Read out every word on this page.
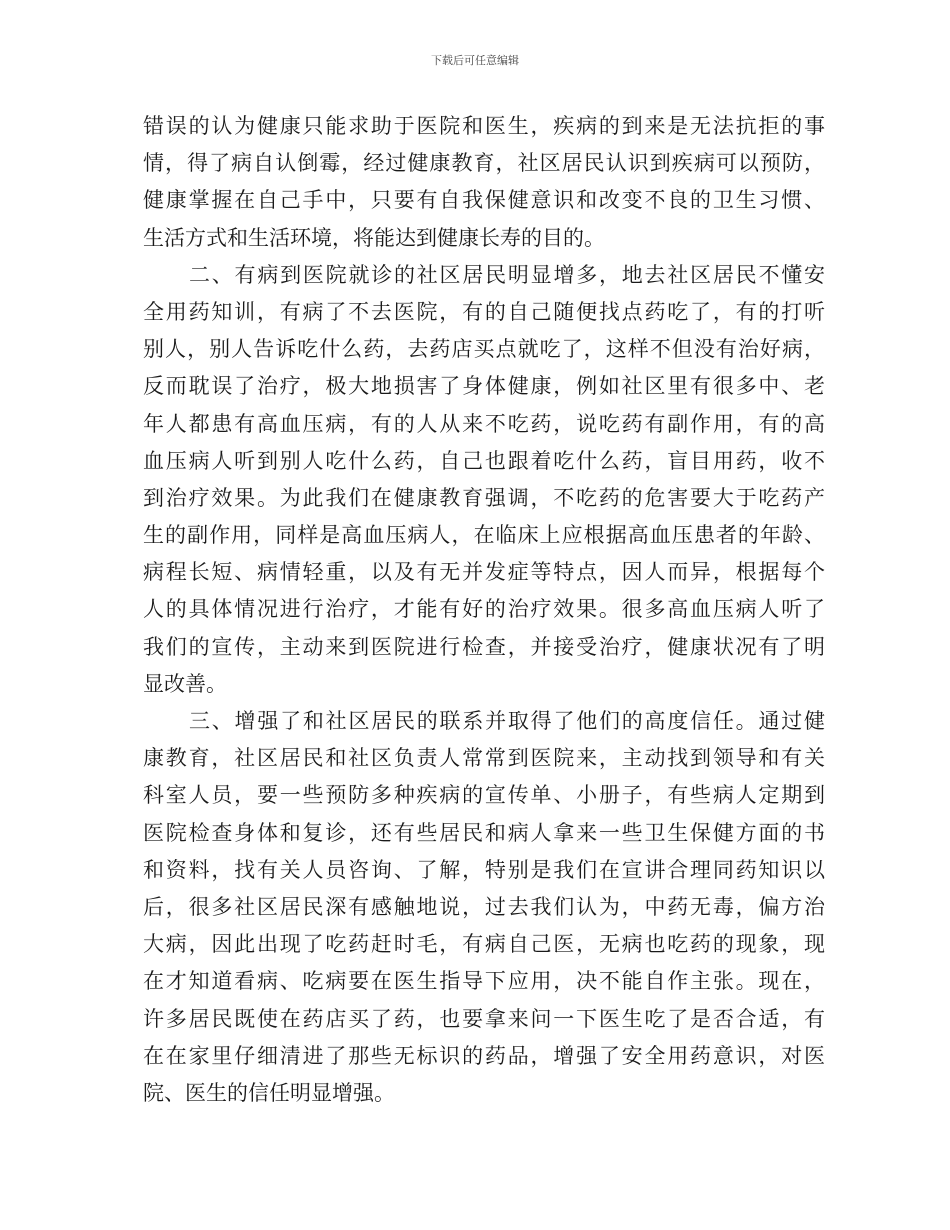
下载后可任意编辑
错误的认为健康只能求助于医院和医生，疾病的到来是无法抗拒的事
情，得了病自认倒霉，经过健康教育，社区居民认识到疾病可以预防，
健康掌握在自己手中，只要有自我保健意识和改变不良的卫生习惯、
生活方式和生活环境，将能达到健康长寿的目的。
二、有病到医院就诊的社区居民明显增多，地去社区居民不懂安
全用药知训，有病了不去医院，有的自己随便找点药吃了，有的打听
别人，别人告诉吃什么药，去药店买点就吃了，这样不但没有治好病，
反而耽误了治疗，极大地损害了身体健康，例如社区里有很多中、老
年人都患有高血压病，有的人从来不吃药，说吃药有副作用，有的高
血压病人听到别人吃什么药，自己也跟着吃什么药，盲目用药，收不
到治疗效果。为此我们在健康教育强调，不吃药的危害要大于吃药产
生的副作用，同样是高血压病人，在临床上应根据高血压患者的年龄、
病程长短、病情轻重，以及有无并发症等特点，因人而异，根据每个
人的具体情况进行治疗，才能有好的治疗效果。很多高血压病人听了
我们的宣传，主动来到医院进行检查，并接受治疗，健康状况有了明
显改善。
三、增强了和社区居民的联系并取得了他们的高度信任。通过健
康教育，社区居民和社区负责人常常到医院来，主动找到领导和有关
科室人员，要一些预防多种疾病的宣传单、小册子，有些病人定期到
医院检查身体和复诊，还有些居民和病人拿来一些卫生保健方面的书
和资料，找有关人员咨询、了解，特别是我们在宣讲合理同药知识以
后，很多社区居民深有感触地说，过去我们认为，中药无毒，偏方治
大病，因此出现了吃药赶时毛，有病自己医，无病也吃药的现象，现
在才知道看病、吃病要在医生指导下应用，决不能自作主张。现在，
许多居民既使在药店买了药，也要拿来问一下医生吃了是否合适，有
在在家里仔细清进了那些无标识的药品，增强了安全用药意识，对医
院、医生的信任明显增强。
